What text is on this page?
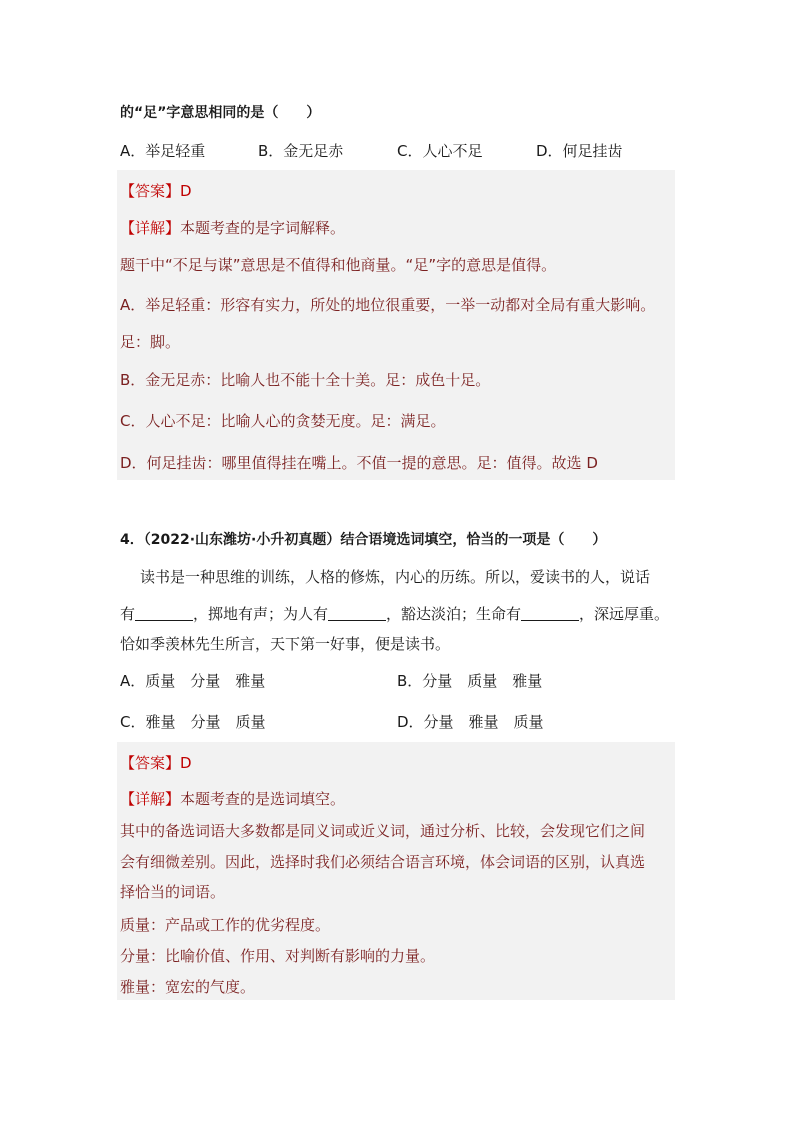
的“足”字意思相同的是（　　）
A．举足轻重	B．金无足赤	C．人心不足	D．何足挂齿
【答案】D
【详解】本题考查的是字词解释。
题干中“不足与谋”意思是不值得和他商量。“足”字的意思是值得。
A．举足轻重：形容有实力，所处的地位很重要，一举一动都对全局有重大影响。
足：脚。
B．金无足赤：比喻人也不能十全十美。足：成色十足。
C．人心不足：比喻人心的贪婪无度。足：满足。
D．何足挂齿：哪里值得挂在嘴上。不值一提的意思。足：值得。故选 D
4．（2022·山东潍坊·小升初真题）结合语境选词填空，恰当的一项是（　　）
读书是一种思维的训练，人格的修炼，内心的历练。所以，爱读书的人，说话
有	，掷地有声；为人有	，豁达淡泊；生命有	，深远厚重。
恰如季羡林先生所言，天下第一好事，便是读书。
A．质量　分量　雅量	B．分量　质量　雅量
C．雅量　分量　质量	D．分量　雅量　质量
【答案】D
【详解】本题考查的是选词填空。
其中的备选词语大多数都是同义词或近义词，通过分析、比较，会发现它们之间
会有细微差别。因此，选择时我们必须结合语言环境，体会词语的区别，认真选
择恰当的词语。
质量：产品或工作的优劣程度。
分量：比喻价值、作用、对判断有影响的力量。
雅量：宽宏的气度。
